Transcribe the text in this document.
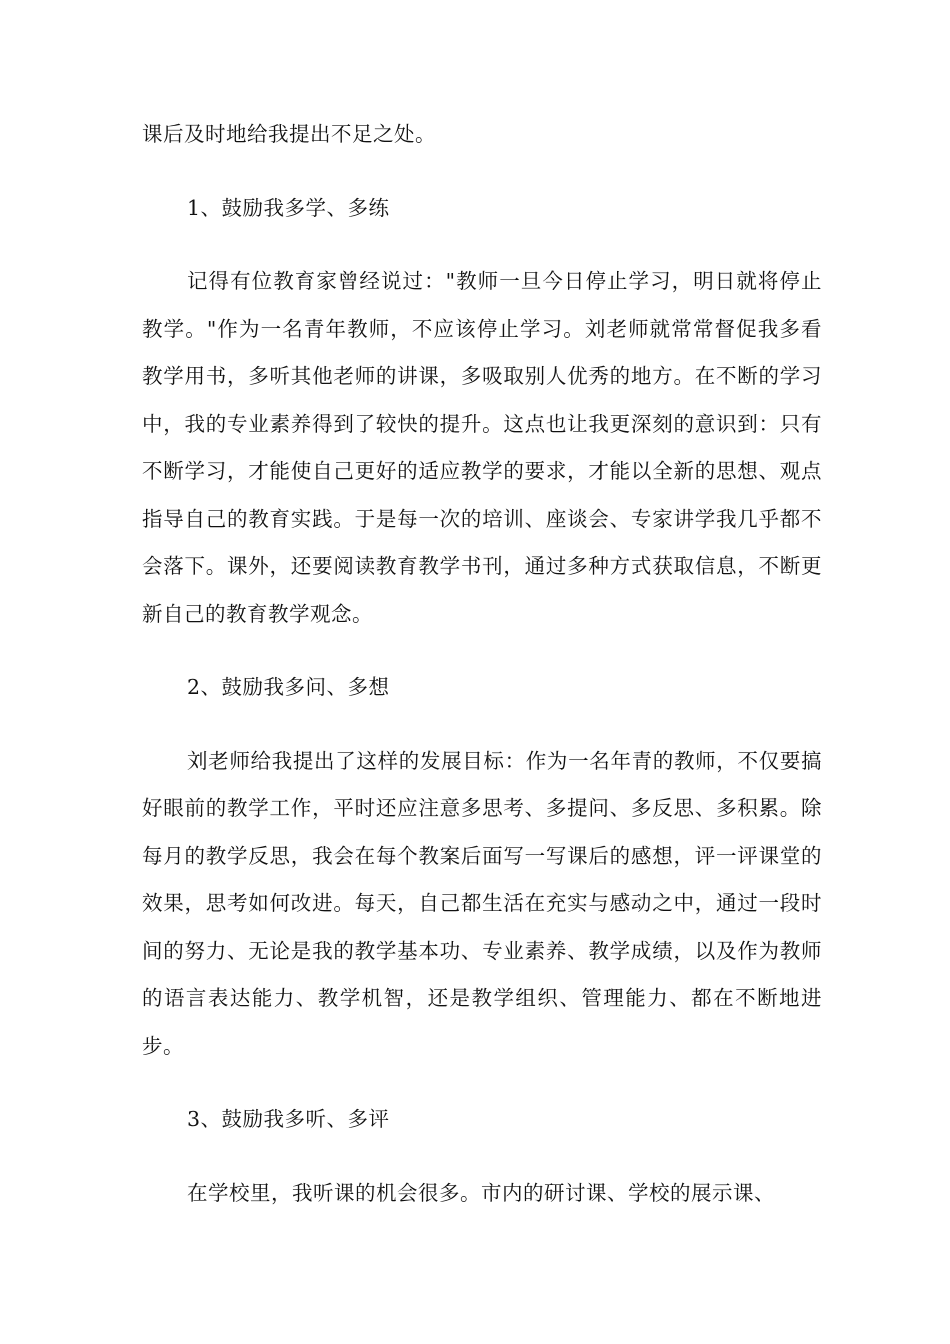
课后及时地给我提出不足之处。

1、鼓励我多学、多练

记得有位教育家曾经说过："教师一旦今日停止学习，明日就将停止教学。"作为一名青年教师，不应该停止学习。刘老师就常常督促我多看教学用书，多听其他老师的讲课，多吸取别人优秀的地方。在不断的学习中，我的专业素养得到了较快的提升。这点也让我更深刻的意识到：只有不断学习，才能使自己更好的适应教学的要求，才能以全新的思想、观点指导自己的教育实践。于是每一次的培训、座谈会、专家讲学我几乎都不会落下。课外，还要阅读教育教学书刊，通过多种方式获取信息，不断更新自己的教育教学观念。

2、鼓励我多问、多想

刘老师给我提出了这样的发展目标：作为一名年青的教师，不仅要搞好眼前的教学工作，平时还应注意多思考、多提问、多反思、多积累。除每月的教学反思，我会在每个教案后面写一写课后的感想，评一评课堂的效果，思考如何改进。每天，自己都生活在充实与感动之中，通过一段时间的努力、无论是我的教学基本功、专业素养、教学成绩，以及作为教师的语言表达能力、教学机智，还是教学组织、管理能力、都在不断地进步。

3、鼓励我多听、多评

在学校里，我听课的机会很多。市内的研讨课、学校的展示课、
